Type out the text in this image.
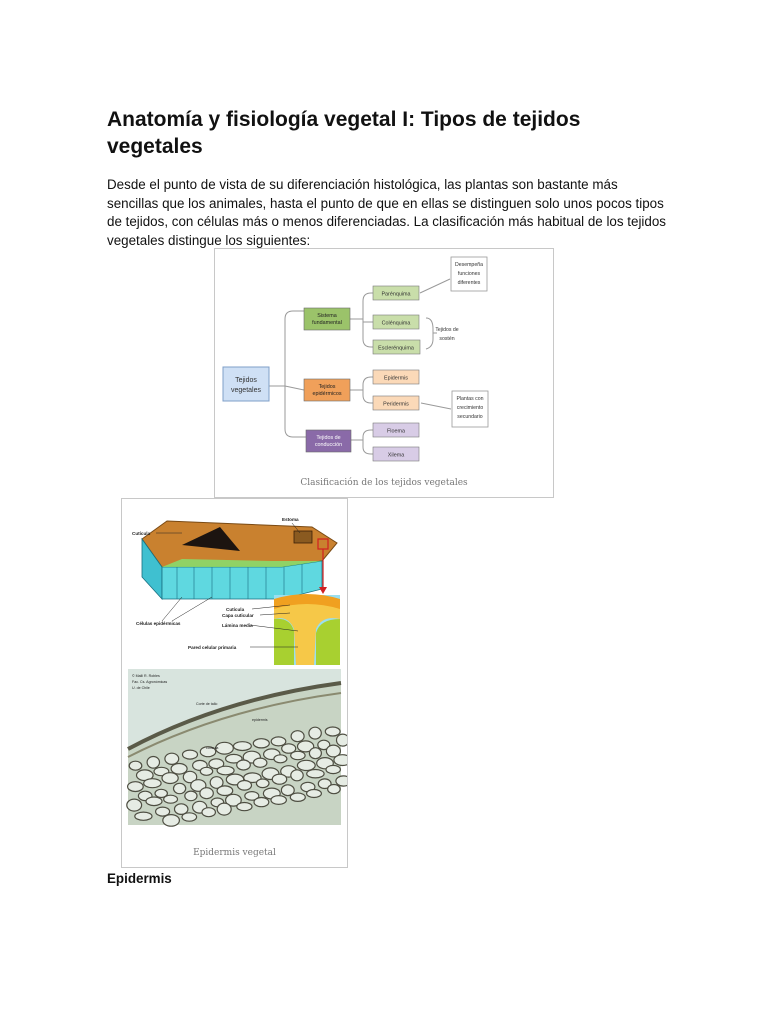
Anatomía y fisiología vegetal I: Tipos de tejidos vegetales

Desde el punto de vista de su diferenciación histológica, las plantas son bastante más sencillas que los animales, hasta el punto de que en ellas se distinguen solo unos pocos tipos de tejidos, con células más o menos diferenciadas. La clasificación más habitual de los tejidos vegetales distingue los siguientes:

Tejidos
vegetales
Sistema
fundamental
Tejidos
epidérmicos
Tejidos de
conducción
Parénquima
Colénquima
Esclerénquima
Epidermis
Peridermis
Floema
Xilema
Desempeña
funciones
diferentes
Tejidos de
sostén
Plantas con
crecimiento
secundario
Clasificación de los tejidos vegetales
Cutícula
Estoma
Cutícula
Capa cuticular
Células epidérmicas	Lámina media
Pared celular primaria
© Malli R. Robles
Fac. Cs. Agronómicas
U. de Chile
Corte de tallo
epidermis
cutícula
Epidermis vegetal
Epidermis
